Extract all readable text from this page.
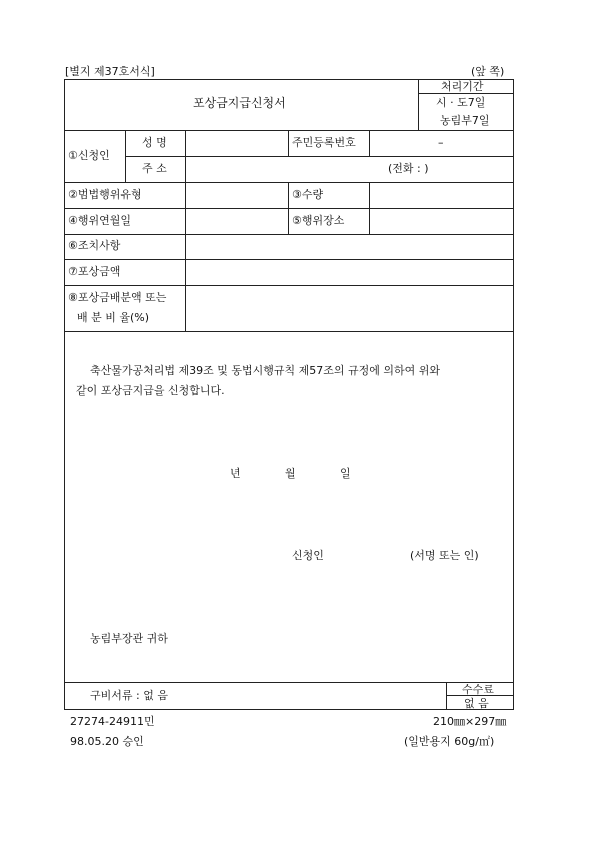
[별지 제37호서식]	(앞 쪽)
포상금지급신청서
처리기간
시 · 도7일
농림부7일
①신청인
성 명	주민등록번호	–
주 소	(전화 : )
②범법행위유형	③수량
④행위연월일	⑤행위장소
⑥조치사항
⑦포상금액
⑧포상금배분액 또는
배 분 비 율(%)
축산물가공처리법 제39조 및 동법시행규칙 제57조의 규정에 의하여 위와
같이 포상금지급을 신청합니다.
년	월	일
신청인	(서명 또는 인)
농림부장관 귀하
구비서류 : 없 음	수수료
없 음
27274-24911민	210㎜×297㎜
98.05.20 승인	(일반용지 60g/㎡)
